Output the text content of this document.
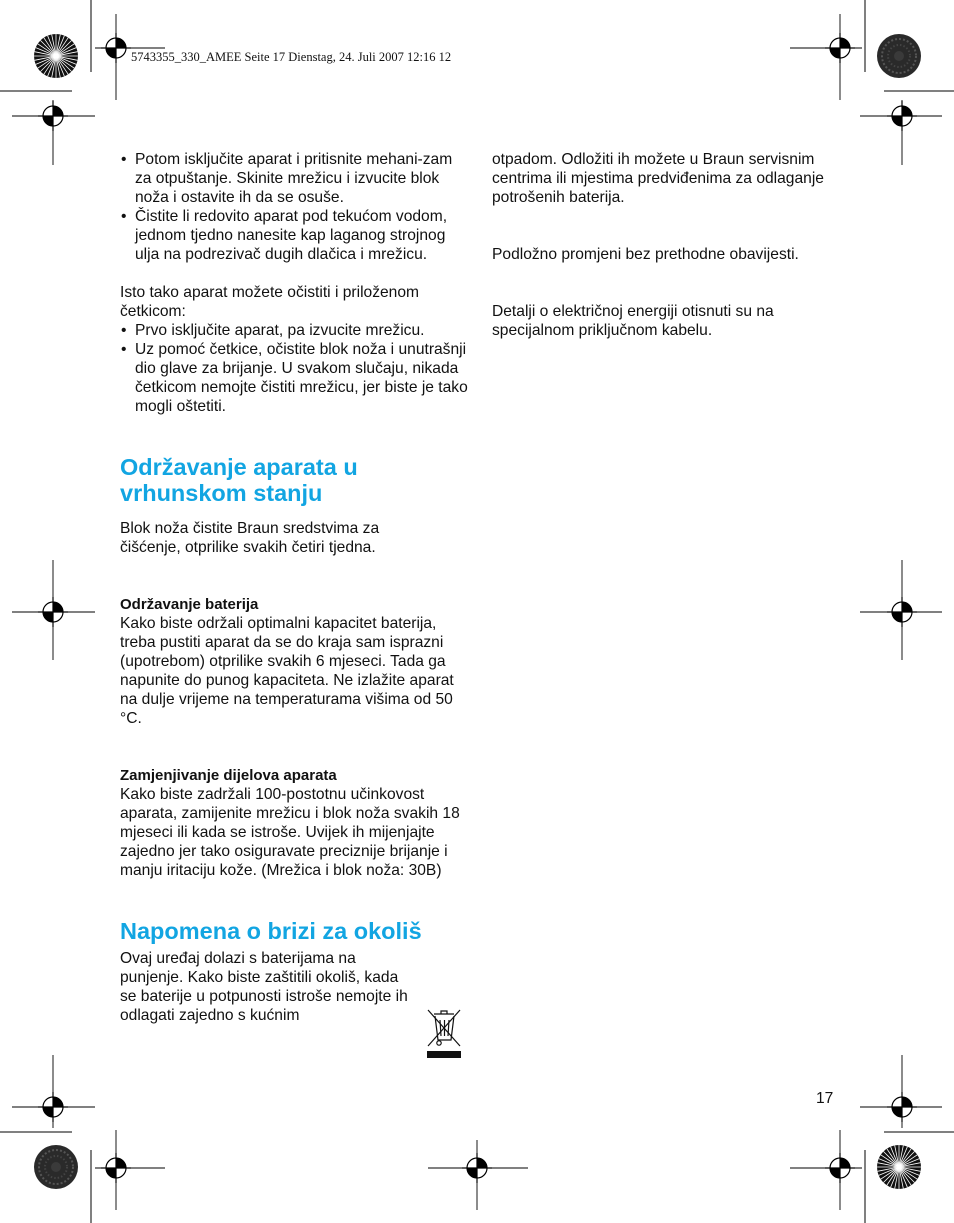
5743355_330_AMEE Seite 17 Dienstag, 24. Juli 2007 12:16 12
• Potom isključite aparat i pritisnite mehani-zam za otpuštanje. Skinite mrežicu i izvucite blok noža i ostavite ih da se osuše.
• Čistite li redovito aparat pod tekućom vodom, jednom tjedno nanesite kap laganog strojnog ulja na podrezivač dugih dlačica i mrežicu.

Isto tako aparat možete očistiti i priloženom četkicom:

• Prvo isključite aparat, pa izvucite mrežicu.
• Uz pomoć četkice, očistite blok noža i unutrašnji dio glave za brijanje. U svakom slučaju, nikada četkicom nemojte čistiti mrežicu, jer biste je tako mogli oštetiti.
Održavanje aparata u vrhunskom stanju

Blok noža čistite Braun sredstvima za čišćenje, otprilike svakih četiri tjedna.

Održavanje baterija

Kako biste održali optimalni kapacitet baterija, treba pustiti aparat da se do kraja sam isprazni (upotrebom) otprilike svakih 6 mjeseci. Tada ga napunite do punog kapaciteta. Ne izlažite aparat na dulje vrijeme na temperaturama višima od 50 °C.

Zamjenjivanje dijelova aparata

Kako biste zadržali 100-postotnu učinkovost aparata, zamijenite mrežicu i blok noža svakih 18 mjeseci ili kada se istroše. Uvijek ih mijenjajte zajedno jer tako osiguravate preciznije brijanje i manju iritaciju kože. (Mrežica i blok noža: 30B)

Napomena o brizi za okoliš

Ovaj uređaj dolazi s baterijama na punjenje. Kako biste zaštitili okoliš, kada se baterije u potpunosti istroše nemojte ih odlagati zajedno s kućnim

otpadom. Odložiti ih možete u Braun servisnim centrima ili mjestima predviđenima za odlaganje potrošenih baterija.

Podložno promjeni bez prethodne obavijesti.

Detalji o električnoj energiji otisnuti su na specijalnom priključnom kabelu.

17
